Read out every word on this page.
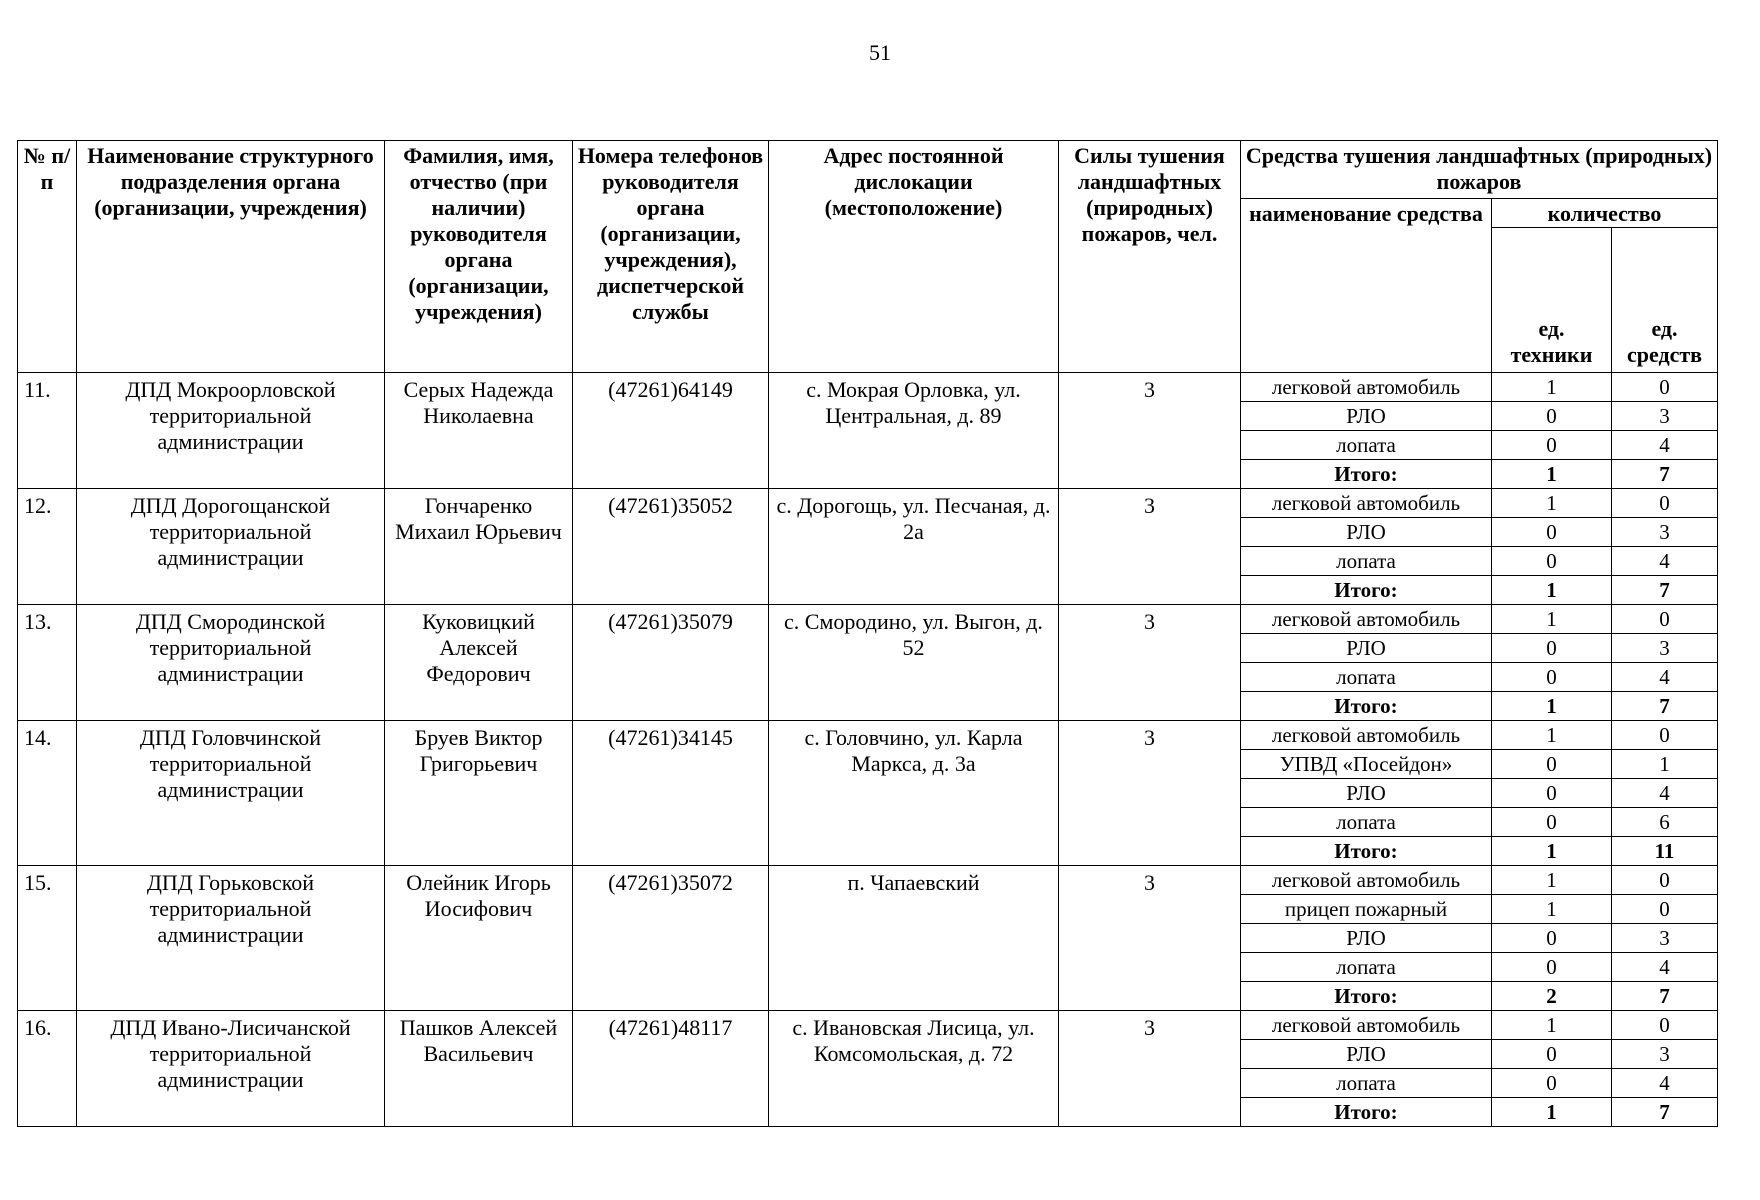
51
№ п/п	Наименование структурного подразделения органа (организации, учреждения)	Фамилия, имя, отчество (при наличии) руководителя органа (организации, учреждения)	Номера телефонов руководителя органа (организации, учреждения), диспетчерской службы	Адрес постоянной дислокации (местоположение)	Силы тушения ландшафтных (природных) пожаров, чел.	Средства тушения ландшафтных (природных) пожаров		
						наименование средства	количество	
							ед. техники	ед. средств
11.	ДПД Мокроорловской территориальной администрации	Серых Надежда Николаевна	(47261)64149	с. Мокрая Орловка, ул. Центральная, д. 89	3	легковой автомобиль	1	0
						РЛО	0	3
						лопата	0	4
						Итого:	1	7
12.	ДПД Дорогощанской территориальной администрации	Гончаренко Михаил Юрьевич	(47261)35052	с. Дорогощь, ул. Песчаная, д. 2а	3	легковой автомобиль	1	0
						РЛО	0	3
						лопата	0	4
						Итого:	1	7
13.	ДПД Смородинской территориальной администрации	Куковицкий Алексей Федорович	(47261)35079	с. Смородино, ул. Выгон, д. 52	3	легковой автомобиль	1	0
						РЛО	0	3
						лопата	0	4
						Итого:	1	7
14.	ДПД Головчинской территориальной администрации	Бруев Виктор Григорьевич	(47261)34145	с. Головчино, ул. Карла Маркса, д. 3а	3	легковой автомобиль	1	0
						УПВД «Посейдон»	0	1
						РЛО	0	4
						лопата	0	6
						Итого:	1	11
15.	ДПД Горьковской территориальной администрации	Олейник Игорь Иосифович	(47261)35072	п. Чапаевский	3	легковой автомобиль	1	0
						прицеп пожарный	1	0
						РЛО	0	3
						лопата	0	4
						Итого:	2	7
16.	ДПД Ивано-Лисичанской территориальной администрации	Пашков Алексей Васильевич	(47261)48117	с. Ивановская Лисица, ул. Комсомольская, д. 72	3	легковой автомобиль	1	0
						РЛО	0	3
						лопата	0	4
						Итого:	1	7
